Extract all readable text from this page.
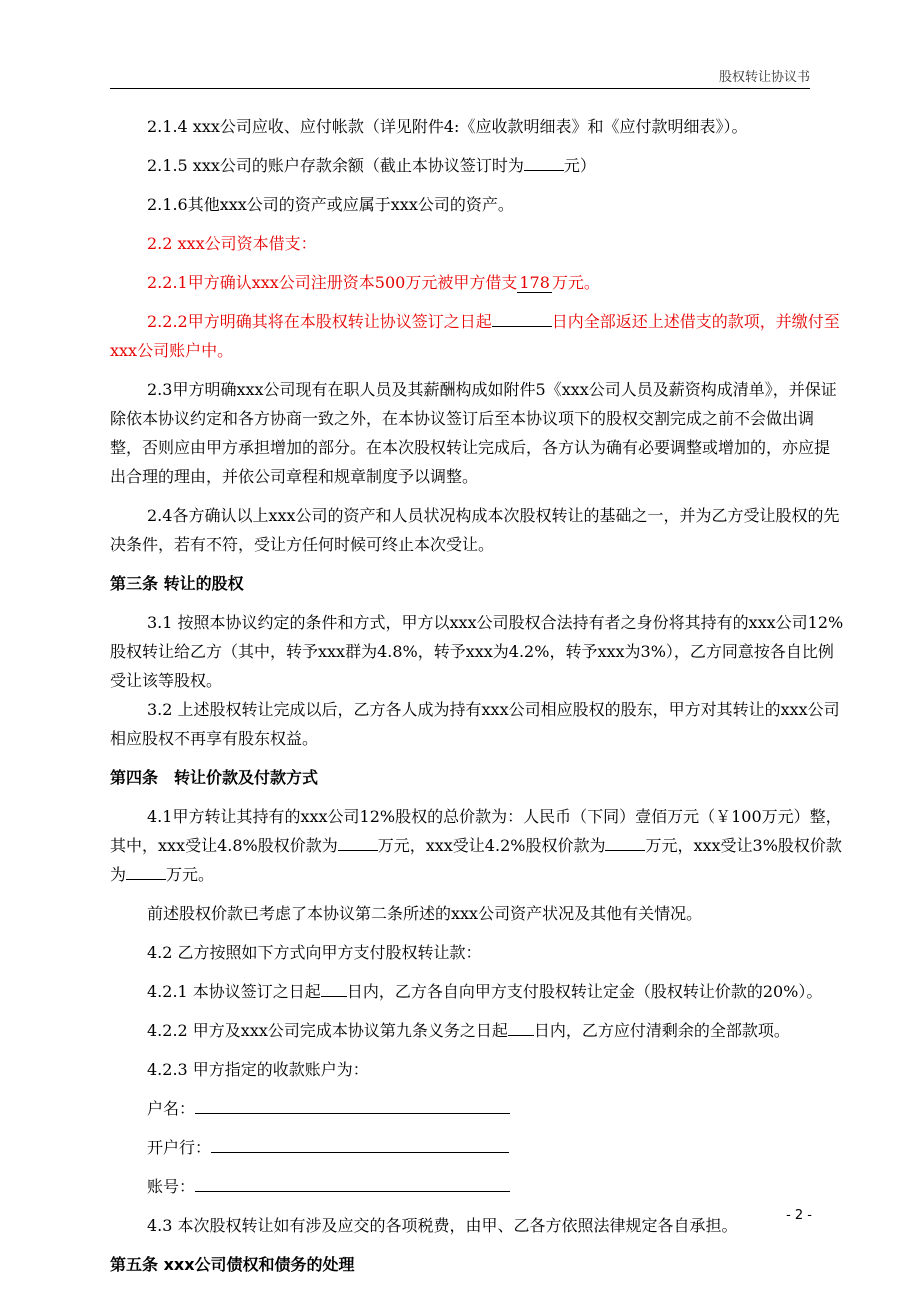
股权转让协议书

2.1.4 xxx公司应收、应付帐款（详见附件4:《应收款明细表》和《应付款明细表》）。

2.1.5 xxx公司的账户存款余额（截止本协议签订时为	元）

2.1.6其他xxx公司的资产或应属于xxx公司的资产。

2.2 xxx公司资本借支：

2.2.1甲方确认xxx公司注册资本500万元被甲方借支 178 万元。

2.2.2甲方明确其将在本股权转让协议签订之日起	日内全部返还上述借支的款项，并缴付至xxx公司账户中。

2.3甲方明确xxx公司现有在职人员及其薪酬构成如附件5《xxx公司人员及薪资构成清单》，并保证除依本协议约定和各方协商一致之外，在本协议签订后至本协议项下的股权交割完成之前不会做出调整，否则应由甲方承担增加的部分。在本次股权转让完成后，各方认为确有必要调整或增加的，亦应提出合理的理由，并依公司章程和规章制度予以调整。

2.4各方确认以上xxx公司的资产和人员状况构成本次股权转让的基础之一，并为乙方受让股权的先决条件，若有不符，受让方任何时候可终止本次受让。

第三条 转让的股权

3.1 按照本协议约定的条件和方式，甲方以xxx公司股权合法持有者之身份将其持有的xxx公司12%股权转让给乙方（其中，转予xxx群为4.8%，转予xxx为4.2%，转予xxx为3%），乙方同意按各自比例受让该等股权。

3.2 上述股权转让完成以后，乙方各人成为持有xxx公司相应股权的股东，甲方对其转让的xxx公司相应股权不再享有股东权益。

第四条　转让价款及付款方式

4.1甲方转让其持有的xxx公司12%股权的总价款为：人民币（下同）壹佰万元（￥100万元）整，其中，xxx受让4.8%股权价款为	万元，xxx受让4.2%股权价款为	万元，xxx受让3%股权价款为	万元。

前述股权价款已考虑了本协议第二条所述的xxx公司资产状况及其他有关情况。

4.2 乙方按照如下方式向甲方支付股权转让款：

4.2.1 本协议签订之日起 日内，乙方各自向甲方支付股权转让定金（股权转让价款的20%）。

4.2.2 甲方及xxx公司完成本协议第九条义务之日起 日内，乙方应付清剩余的全部款项。

4.2.3 甲方指定的收款账户为：

户名：
开户行：
账号：

4.3 本次股权转让如有涉及应交的各项税费，由甲、乙各方依照法律规定各自承担。

第五条 xxx公司债权和债务的处理

- 2 -
